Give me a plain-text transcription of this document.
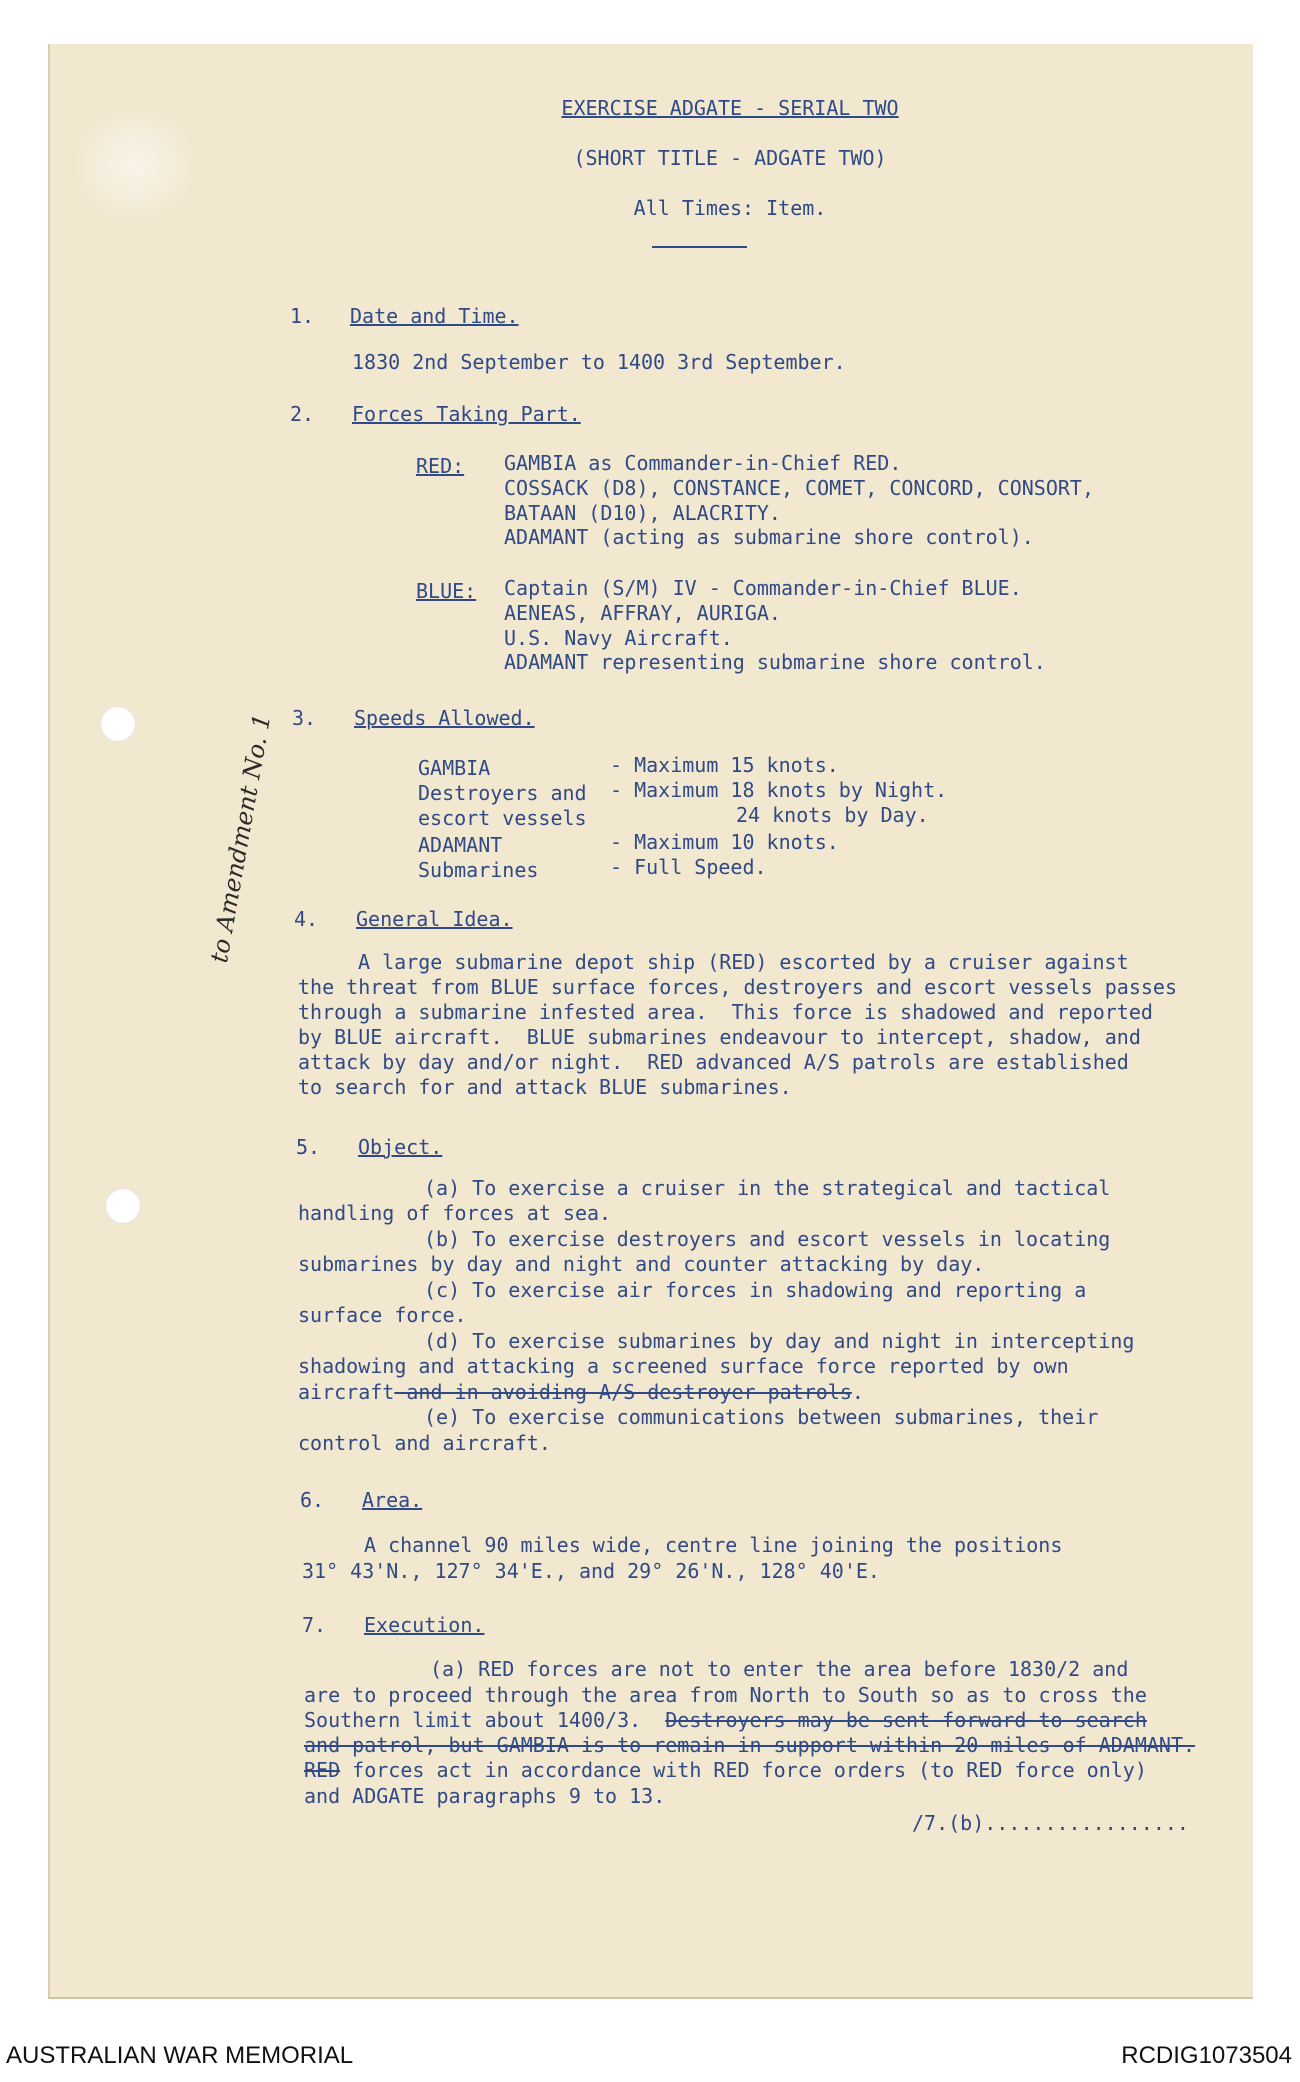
EXERCISE ADGATE - SERIAL TWO
(SHORT TITLE - ADGATE TWO)
All Times: Item.
1. Date and Time.
1830 2nd September to 1400 3rd September.
2. Forces Taking Part.
RED: GAMBIA as Commander-in-Chief RED.
COSSACK (D8), CONSTANCE, COMET, CONCORD, CONSORT,
BATAAN (D10), ALACRITY.
ADAMANT (acting as submarine shore control).
BLUE: Captain (S/M) IV - Commander-in-Chief BLUE.
AENEAS, AFFRAY, AURIGA.
U.S. Navy Aircraft.
ADAMANT representing submarine shore control.
3. Speeds Allowed.
GAMBIA	- Maximum 15 knots.
Destroyers and - Maximum 18 knots by Night.
escort vessels	24 knots by Day.
ADAMANT	- Maximum 10 knots.
Submarines	- Full Speed.
4. General Idea.
A large submarine depot ship (RED) escorted by a cruiser against
the threat from BLUE surface forces, destroyers and escort vessels passes
through a submarine infested area.  This force is shadowed and reported
by BLUE aircraft.  BLUE submarines endeavour to intercept, shadow, and
attack by day and/or night.  RED advanced A/S patrols are established
to search for and attack BLUE submarines.
5. Object.
(a) To exercise a cruiser in the strategical and tactical
handling of forces at sea.
(b) To exercise destroyers and escort vessels in locating
submarines by day and night and counter attacking by day.
(c) To exercise air forces in shadowing and reporting a
surface force.
(d) To exercise submarines by day and night in intercepting
shadowing and attacking a screened surface force reported by own
aircraft and in avoiding A/S destroyer patrols.
(e) To exercise communications between submarines, their
control and aircraft.
6. Area.
A channel 90 miles wide, centre line joining the positions
31° 43'N., 127° 34'E., and 29° 26'N., 128° 40'E.
7. Execution.
(a) RED forces are not to enter the area before 1830/2 and
are to proceed through the area from North to South so as to cross the
Southern limit about 1400/3.  Destroyers may be sent forward to search
and patrol, but GAMBIA is to remain in support within 20 miles of ADAMANT.
RED forces act in accordance with RED force orders (to RED force only)
and ADGATE paragraphs 9 to 13.
/7.(b).................
to Amendment No. 1
AUSTRALIAN WAR MEMORIAL	RCDIG1073504
